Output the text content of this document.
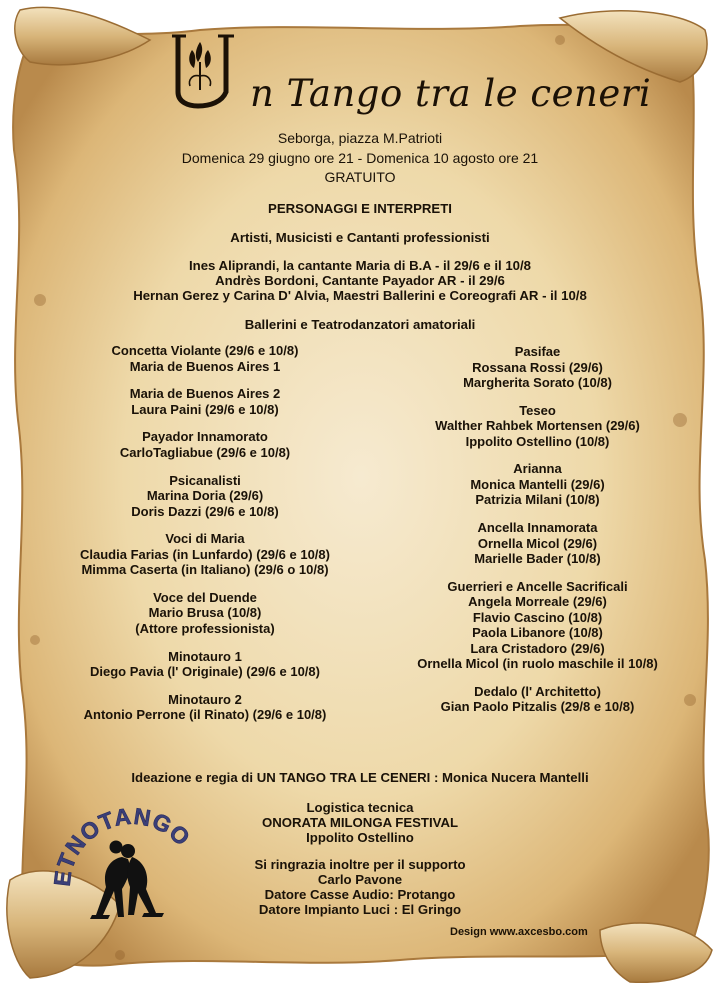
n Tango tra le ceneri
Seborga, piazza M.Patrioti
Domenica 29 giugno ore 21 - Domenica 10 agosto ore 21
GRATUITO
PERSONAGGI E INTERPRETI
Artisti, Musicisti e Cantanti professionisti
Ines Aliprandi, la cantante Maria di B.A - il 29/6 e il 10/8
Andrès Bordoni, Cantante Payador AR - il 29/6
Hernan Gerez y Carina D' Alvia, Maestri Ballerini e Coreografi AR - il 10/8
Ballerini e Teatrodanzatori amatoriali
Concetta Violante (29/6 e 10/8)
Maria de Buenos Aires 1
Maria de Buenos Aires 2
Laura Paini (29/6 e 10/8)
Payador Innamorato
CarloTagliabue (29/6 e 10/8)
Psicanalisti
Marina Doria (29/6)
Doris Dazzi (29/6 e 10/8)
Voci di Maria
Claudia Farias (in Lunfardo) (29/6 e 10/8)
Mimma Caserta (in Italiano) (29/6 o 10/8)
Voce del Duende
Mario Brusa (10/8)
(Attore professionista)
Minotauro 1
Diego Pavia (l' Originale) (29/6 e 10/8)
Minotauro 2
Antonio Perrone (il Rinato) (29/6 e 10/8)
Pasifae
Rossana Rossi (29/6)
Margherita Sorato (10/8)
Teseo
Walther Rahbek Mortensen (29/6)
Ippolito Ostellino (10/8)
Arianna
Monica Mantelli (29/6)
Patrizia Milani (10/8)
Ancella Innamorata
Ornella Micol (29/6)
Marielle Bader (10/8)
Guerrieri e Ancelle Sacrificali
Angela Morreale (29/6)
Flavio Cascino (10/8)
Paola Libanore (10/8)
Lara Cristadoro (29/6)
Ornella Micol (in ruolo maschile il 10/8)
Dedalo (l' Architetto)
Gian Paolo Pitzalis (29/8 e 10/8)
Ideazione e regia di UN TANGO TRA LE CENERI : Monica Nucera Mantelli
Logistica tecnica
ONORATA MILONGA FESTIVAL
Ippolito Ostellino
Si ringrazia inoltre per il supporto
Carlo Pavone
Datore Casse Audio: Protango
Datore Impianto Luci : El Gringo
TNOTANGO
Design www.axcesbo.com
